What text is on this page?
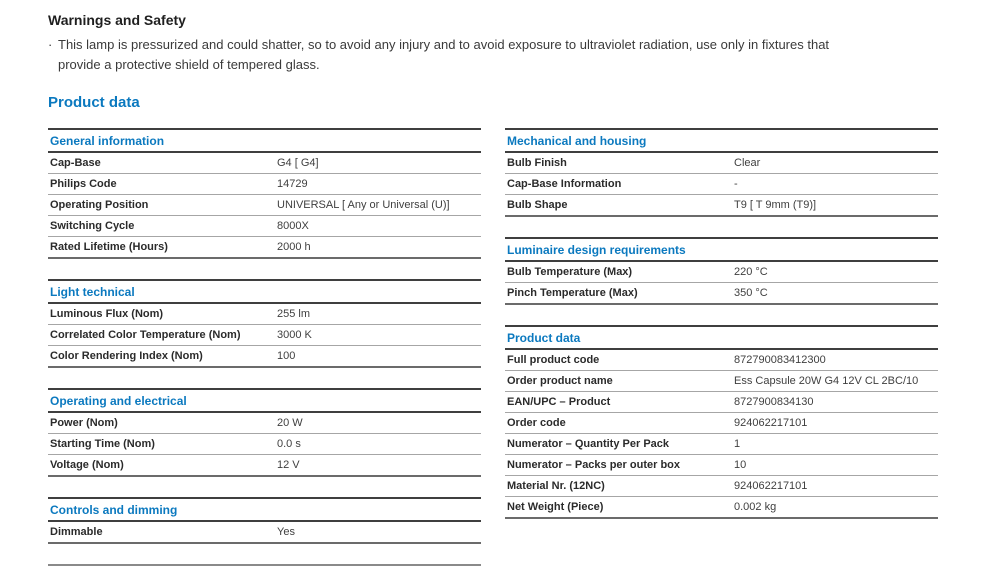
Warnings and Safety
· This lamp is pressurized and could shatter, so to avoid any injury and to avoid exposure to ultraviolet radiation, use only in fixtures that provide a protective shield of tempered glass.
Product data
General information
Cap-Base	G4 [ G4]
Philips Code	14729
Operating Position	UNIVERSAL [ Any or Universal (U)]
Switching Cycle	8000X
Rated Lifetime (Hours)	2000 h
Light technical
Luminous Flux (Nom)	255 lm
Correlated Color Temperature (Nom)	3000 K
Color Rendering Index (Nom)	100
Operating and electrical
Power (Nom)	20 W
Starting Time (Nom)	0.0 s
Voltage (Nom)	12 V
Controls and dimming
Dimmable	Yes
Mechanical and housing
Bulb Finish	Clear
Cap-Base Information	-
Bulb Shape	T9 [ T 9mm (T9)]
Luminaire design requirements
Bulb Temperature (Max)	220 °C
Pinch Temperature (Max)	350 °C
Product data
Full product code	872790083412300
Order product name	Ess Capsule 20W G4 12V CL 2BC/10
EAN/UPC – Product	8727900834130
Order code	924062217101
Numerator – Quantity Per Pack	1
Numerator – Packs per outer box	10
Material Nr. (12NC)	924062217101
Net Weight (Piece)	0.002 kg
